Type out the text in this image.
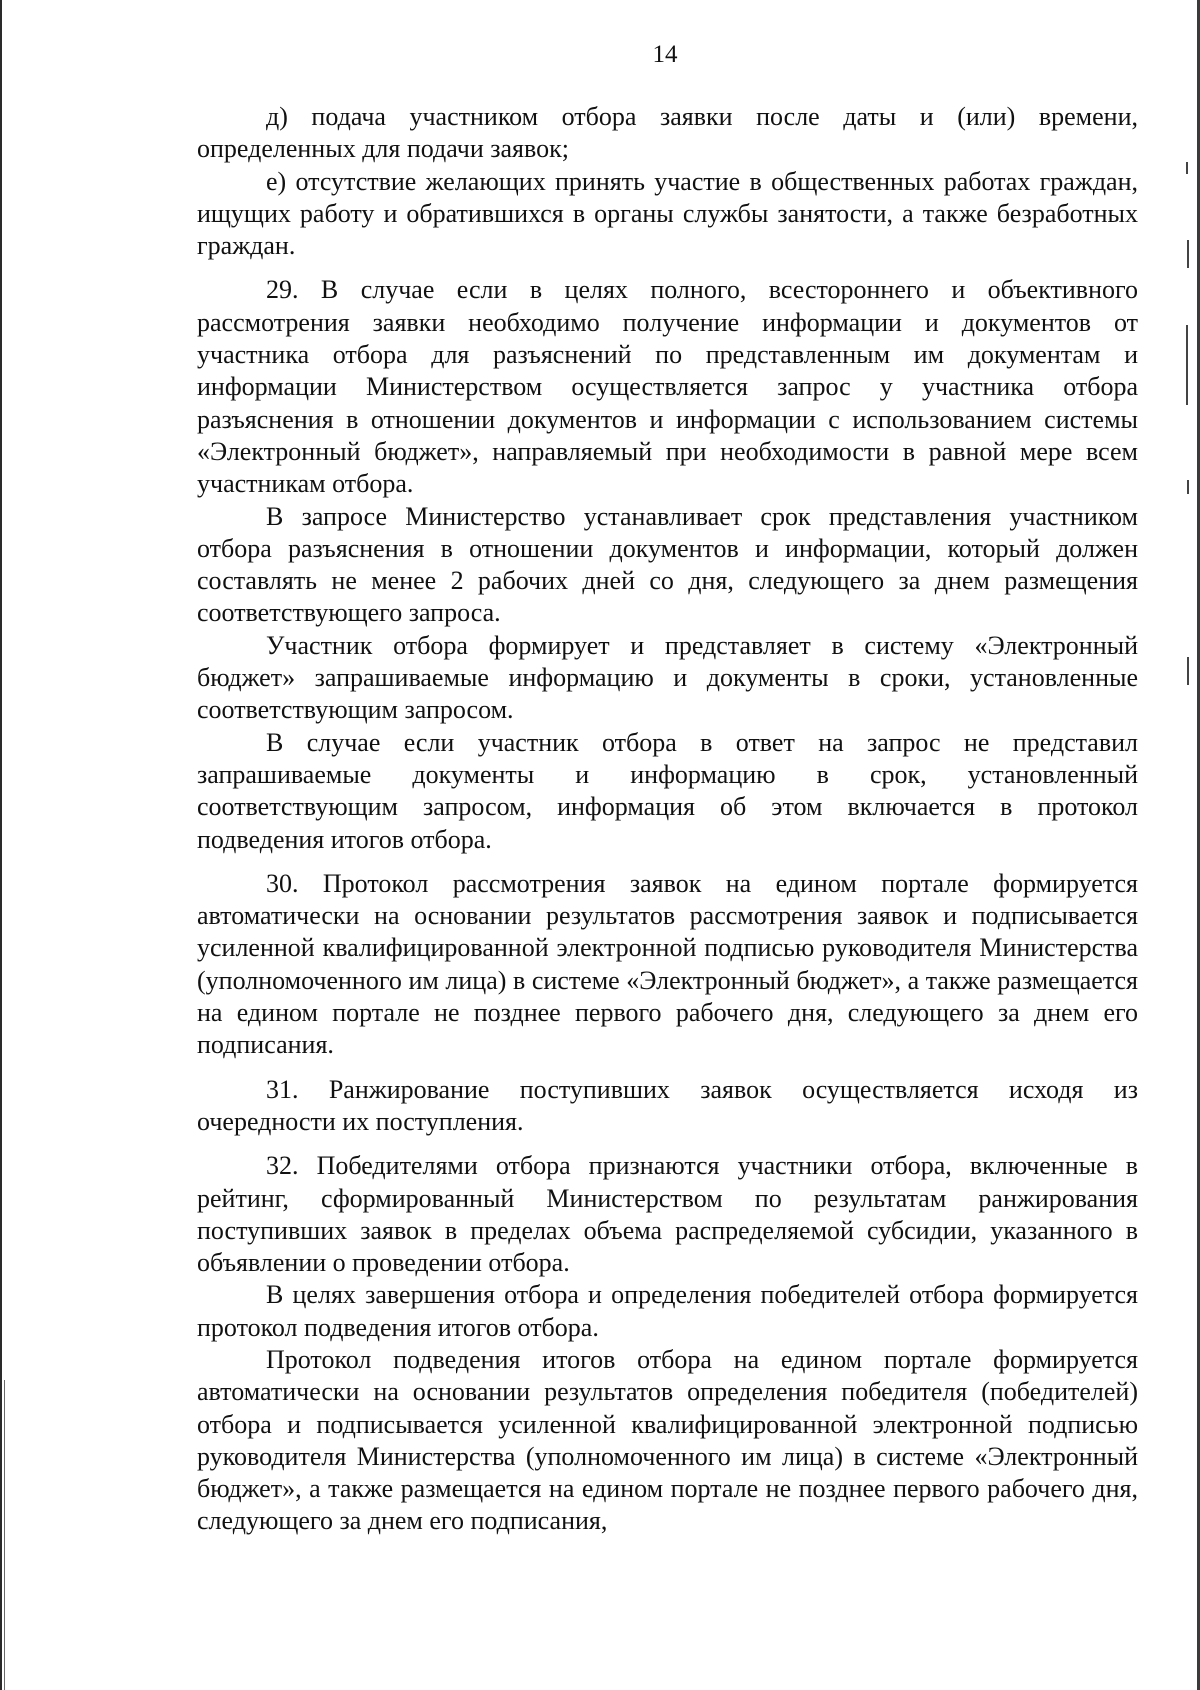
14

д) подача участником отбора заявки после даты и (или) времени, определенных для подачи заявок;

е) отсутствие желающих принять участие в общественных работах граждан, ищущих работу и обратившихся в органы службы занятости, а также безработных граждан.

29. В случае если в целях полного, всестороннего и объективного рассмотрения заявки необходимо получение информации и документов от участника отбора для разъяснений по представленным им документам и информации Министерством осуществляется запрос у участника отбора разъяснения в отношении документов и информации с использованием системы «Электронный бюджет», направляемый при необходимости в равной мере всем участникам отбора.

В запросе Министерство устанавливает срок представления участником отбора разъяснения в отношении документов и информации, который должен составлять не менее 2 рабочих дней со дня, следующего за днем размещения соответствующего запроса.

Участник отбора формирует и представляет в систему «Электронный бюджет» запрашиваемые информацию и документы в сроки, установленные соответствующим запросом.

В случае если участник отбора в ответ на запрос не представил запрашиваемые документы и информацию в срок, установленный соответствующим запросом, информация об этом включается в протокол подведения итогов отбора.

30. Протокол рассмотрения заявок на едином портале формируется автоматически на основании результатов рассмотрения заявок и подписывается усиленной квалифицированной электронной подписью руководителя Министерства (уполномоченного им лица) в системе «Электронный бюджет», а также размещается на едином портале не позднее первого рабочего дня, следующего за днем его подписания.

31. Ранжирование поступивших заявок осуществляется исходя из очередности их поступления.

32. Победителями отбора признаются участники отбора, включенные в рейтинг, сформированный Министерством по результатам ранжирования поступивших заявок в пределах объема распределяемой субсидии, указанного в объявлении о проведении отбора.

В целях завершения отбора и определения победителей отбора формируется протокол подведения итогов отбора.

Протокол подведения итогов отбора на едином портале формируется автоматически на основании результатов определения победителя (победителей) отбора и подписывается усиленной квалифицированной электронной подписью руководителя Министерства (уполномоченного им лица) в системе «Электронный бюджет», а также размещается на едином портале не позднее первого рабочего дня, следующего за днем его подписания,
